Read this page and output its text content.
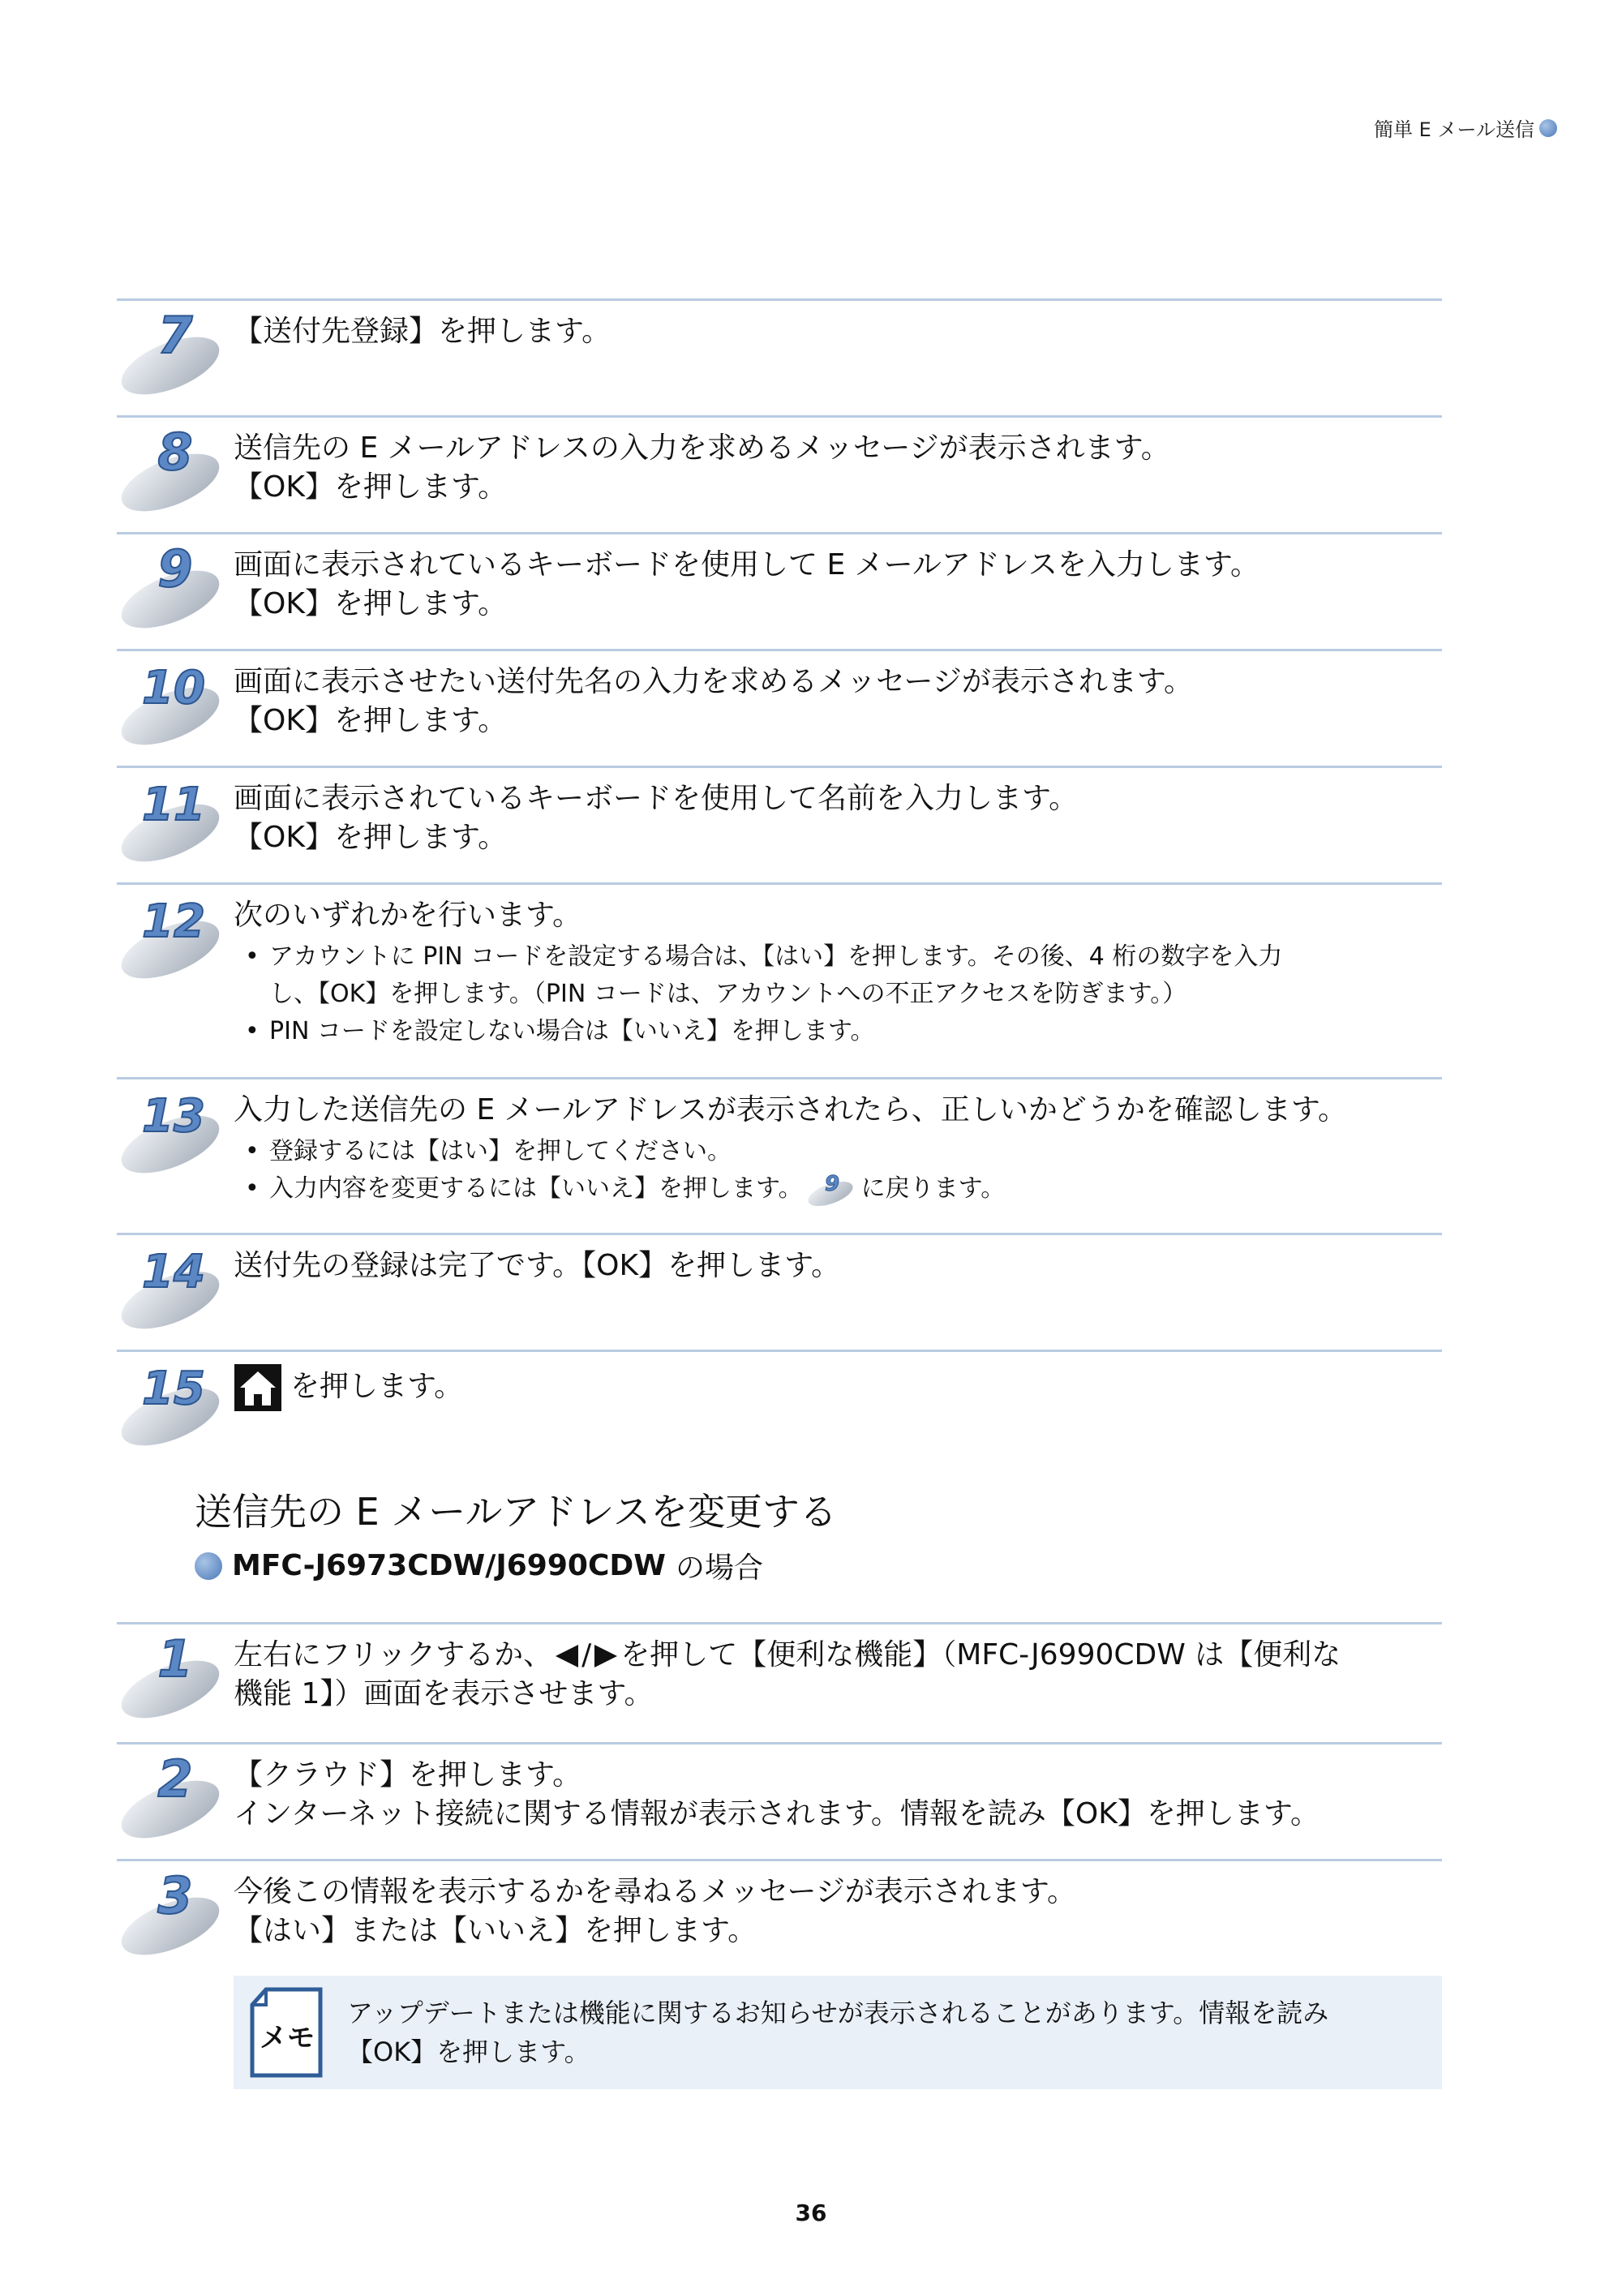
簡単 E メール送信
7 【送付先登録】を押します。
8 送信先の E メールアドレスの入力を求めるメッセージが表示されます。
【OK】を押します。
9 画面に表示されているキーボードを使用して E メールアドレスを入力します。
【OK】を押します。
10 画面に表示させたい送付先名の入力を求めるメッセージが表示されます。
【OK】を押します。
11 画面に表示されているキーボードを使用して名前を入力します。
【OK】を押します。
12 次のいずれかを行います。
• アカウントに PIN コードを設定する場合は、【はい】を押します。その後、4 桁の数字を入力
し、【OK】を押します。（PIN コードは、アカウントへの不正アクセスを防ぎます。）
• PIN コードを設定しない場合は【いいえ】を押します。
13 入力した送信先の E メールアドレスが表示されたら、正しいかどうかを確認します。
• 登録するには【はい】を押してください。
• 入力内容を変更するには【いいえ】を押します。 9 に戻ります。
14 送付先の登録は完了です。【OK】を押します。
15	を押します。
送信先の E メールアドレスを変更する
MFC-J6973CDW/J6990CDW の場合
1 左右にフリックするか、 / を押して【便利な機能】（MFC-J6990CDW は【便利な
機能 1】）画面を表示させます。
2 【クラウド】を押します。
インターネット接続に関する情報が表示されます。情報を読み【OK】を押します。
3 今後この情報を表示するかを尋ねるメッセージが表示されます。
【はい】または【いいえ】を押します。
メモ
アップデートまたは機能に関するお知らせが表示されることがあります。情報を読み
【OK】を押します。
36
